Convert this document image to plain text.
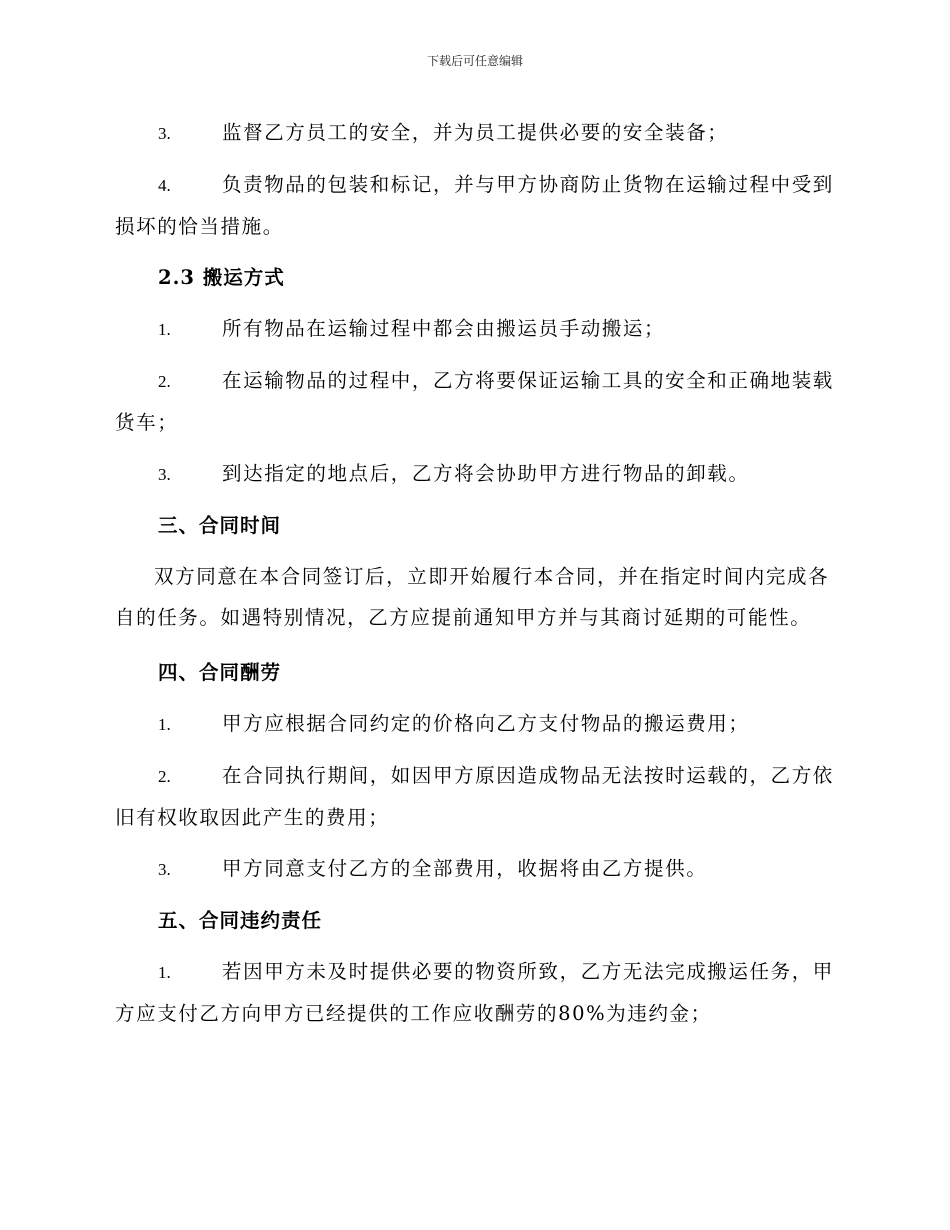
下载后可任意编辑
3.	监督乙方员工的安全，并为员工提供必要的安全装备；
4.	负责物品的包装和标记，并与甲方协商防止货物在运输过程中受到损坏的恰当措施。
2.3 搬运方式
1.	所有物品在运输过程中都会由搬运员手动搬运；
2.	在运输物品的过程中，乙方将要保证运输工具的安全和正确地装载货车；
3.	到达指定的地点后，乙方将会协助甲方进行物品的卸载。
三、合同时间
双方同意在本合同签订后，立即开始履行本合同，并在指定时间内完成各自的任务。如遇特别情况，乙方应提前通知甲方并与其商讨延期的可能性。
四、合同酬劳
1.	甲方应根据合同约定的价格向乙方支付物品的搬运费用；
2.	在合同执行期间，如因甲方原因造成物品无法按时运载的，乙方依旧有权收取因此产生的费用；
3.	甲方同意支付乙方的全部费用，收据将由乙方提供。
五、合同违约责任
1.	若因甲方未及时提供必要的物资所致，乙方无法完成搬运任务，甲方应支付乙方向甲方已经提供的工作应收酬劳的80%为违约金；
